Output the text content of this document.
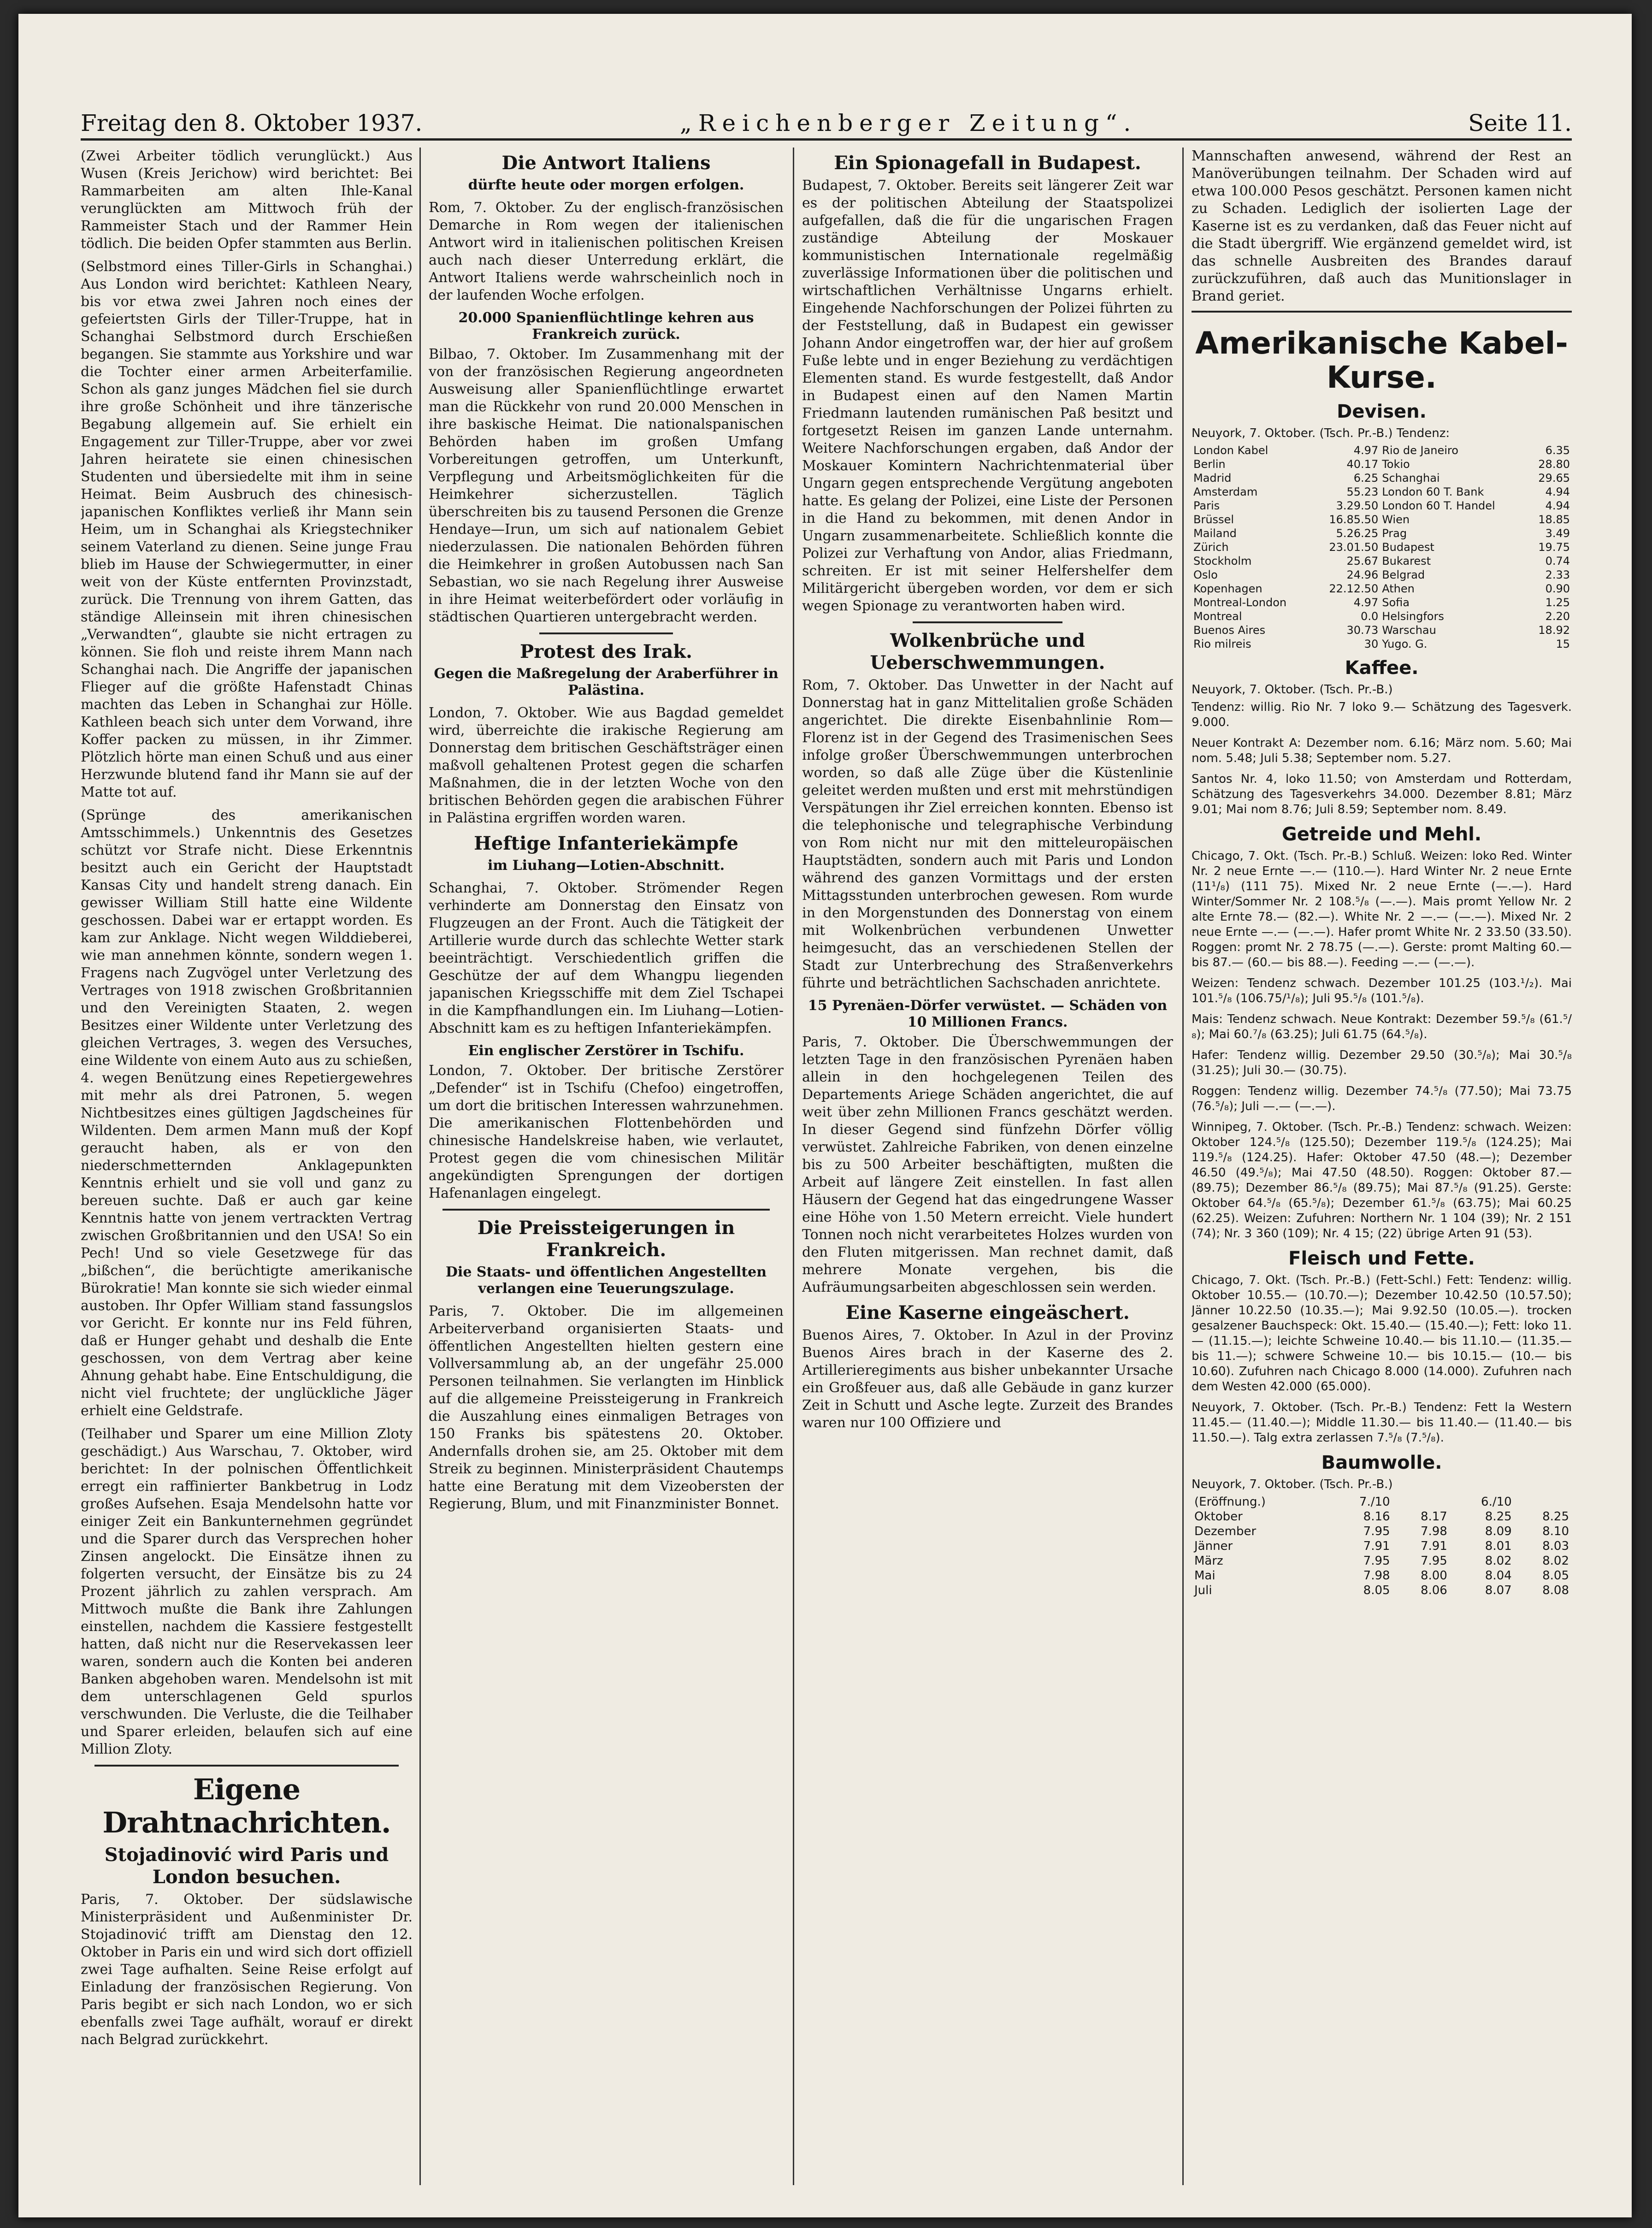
Freitag den 8. Oktober 1937.	„Reichenberger Zeitung“.	Seite 11.

(Zwei Arbeiter tödlich verunglückt.) Aus Wusen (Kreis Jerichow) wird berichtet: Bei Rammarbeiten am alten Ihle-Kanal verunglückten am Mittwoch früh der Rammeister Stach und der Rammer Hein tödlich. Die beiden Opfer stammten aus Berlin.

(Selbstmord eines Tiller-Girls in Schanghai.) Aus London wird berichtet: Kathleen Neary, bis vor etwa zwei Jahren noch eines der gefeiertsten Girls der Tiller-Truppe, hat in Schanghai Selbstmord durch Erschießen begangen. Sie stammte aus Yorkshire und war die Tochter einer armen Arbeiterfamilie. Schon als ganz junges Mädchen fiel sie durch ihre große Schönheit und ihre tänzerische Begabung allgemein auf. Sie erhielt ein Engagement zur Tiller-Truppe, aber vor zwei Jahren heiratete sie einen chinesischen Studenten und übersiedelte mit ihm in seine Heimat. Beim Ausbruch des chinesisch-japanischen Konfliktes verließ ihr Mann sein Heim, um in Schanghai als Kriegstechniker seinem Vaterland zu dienen. Seine junge Frau blieb im Hause der Schwiegermutter, in einer weit von der Küste entfernten Provinzstadt, zurück. Die Trennung von ihrem Gatten, das ständige Alleinsein mit ihren chinesischen „Verwandten“, glaubte sie nicht ertragen zu können. Sie floh und reiste ihrem Mann nach Schanghai nach. Die Angriffe der japanischen Flieger auf die größte Hafenstadt Chinas machten das Leben in Schanghai zur Hölle. Kathleen beach sich unter dem Vorwand, ihre Koffer packen zu müssen, in ihr Zimmer. Plötzlich hörte man einen Schuß und aus einer Herzwunde blutend fand ihr Mann sie auf der Matte tot auf.

(Sprünge des amerikanischen Amtsschimmels.) Unkenntnis des Gesetzes schützt vor Strafe nicht. Diese Erkenntnis besitzt auch ein Gericht der Hauptstadt Kansas City und handelt streng danach. Ein gewisser William Still hatte eine Wildente geschossen. Dabei war er ertappt worden. Es kam zur Anklage. Nicht wegen Wilddieberei, wie man annehmen könnte, sondern wegen 1. Fragens nach Zugvögel unter Verletzung des Vertrages von 1918 zwischen Großbritannien und den Vereinigten Staaten, 2. wegen Besitzes einer Wildente unter Verletzung des gleichen Vertrages, 3. wegen des Versuches, eine Wildente von einem Auto aus zu schießen, 4. wegen Benützung eines Repetiergewehres mit mehr als drei Patronen, 5. wegen Nichtbesitzes eines gültigen Jagdscheines für Wildenten. Dem armen Mann muß der Kopf geraucht haben, als er von den niederschmetternden Anklagepunkten Kenntnis erhielt und sie voll und ganz zu bereuen suchte. Daß er auch gar keine Kenntnis hatte von jenem vertrackten Vertrag zwischen Großbritannien und den USA! So ein Pech! Und so viele Gesetzwege für das „bißchen“, die berüchtigte amerikanische Bürokratie! Man konnte sie sich wieder einmal austoben. Ihr Opfer William stand fassungslos vor Gericht. Er konnte nur ins Feld führen, daß er Hunger gehabt und deshalb die Ente geschossen, von dem Vertrag aber keine Ahnung gehabt habe. Eine Entschuldigung, die nicht viel fruchtete; der unglückliche Jäger erhielt eine Geldstrafe.

(Teilhaber und Sparer um eine Million Zloty geschädigt.) Aus Warschau, 7. Oktober, wird berichtet: In der polnischen Öffentlichkeit erregt ein raffinierter Bankbetrug in Lodz großes Aufsehen. Esaja Mendelsohn hatte vor einiger Zeit ein Bankunternehmen gegründet und die Sparer durch das Versprechen hoher Zinsen angelockt. Die Einsätze ihnen zu folgerten versucht, der Einsätze bis zu 24 Prozent jährlich zu zahlen versprach. Am Mittwoch mußte die Bank ihre Zahlungen einstellen, nachdem die Kassiere festgestellt hatten, daß nicht nur die Reservekassen leer waren, sondern auch die Konten bei anderen Banken abgehoben waren. Mendelsohn ist mit dem unterschlagenen Geld spurlos verschwunden. Die Verluste, die die Teilhaber und Sparer erleiden, belaufen sich auf eine Million Zloty.

Eigene Drahtnachrichten.
Stojadinović wird Paris und London besuchen.

Paris, 7. Oktober. Der südslawische Ministerpräsident und Außenminister Dr. Stojadinović trifft am Dienstag den 12. Oktober in Paris ein und wird sich dort offiziell zwei Tage aufhalten. Seine Reise erfolgt auf Einladung der französischen Regierung. Von Paris begibt er sich nach London, wo er sich ebenfalls zwei Tage aufhält, worauf er direkt nach Belgrad zurückkehrt.

Die Antwort Italiens
dürfte heute oder morgen erfolgen.

Rom, 7. Oktober. Zu der englisch-französischen Demarche in Rom wegen der italienischen Antwort wird in italienischen politischen Kreisen auch nach dieser Unterredung erklärt, die Antwort Italiens werde wahrscheinlich noch in der laufenden Woche erfolgen.

20.000 Spanienflüchtlinge kehren aus Frankreich zurück.

Bilbao, 7. Oktober. Im Zusammenhang mit der von der französischen Regierung angeordneten Ausweisung aller Spanienflüchtlinge erwartet man die Rückkehr von rund 20.000 Menschen in ihre baskische Heimat. Die nationalspanischen Behörden haben im großen Umfang Vorbereitungen getroffen, um Unterkunft, Verpflegung und Arbeitsmöglichkeiten für die Heimkehrer sicherzustellen. Täglich überschreiten bis zu tausend Personen die Grenze Hendaye—Irun, um sich auf nationalem Gebiet niederzulassen. Die nationalen Behörden führen die Heimkehrer in großen Autobussen nach San Sebastian, wo sie nach Regelung ihrer Ausweise in ihre Heimat weiterbefördert oder vorläufig in städtischen Quartieren untergebracht werden.

Protest des Irak.
Gegen die Maßregelung der Araberführer in Palästina.

London, 7. Oktober. Wie aus Bagdad gemeldet wird, überreichte die irakische Regierung am Donnerstag dem britischen Geschäftsträger einen maßvoll gehaltenen Protest gegen die scharfen Maßnahmen, die in der letzten Woche von den britischen Behörden gegen die arabischen Führer in Palästina ergriffen worden waren.

Heftige Infanteriekämpfe
im Liuhang—Lotien-Abschnitt.

Schanghai, 7. Oktober. Strömender Regen verhinderte am Donnerstag den Einsatz von Flugzeugen an der Front. Auch die Tätigkeit der Artillerie wurde durch das schlechte Wetter stark beeinträchtigt. Verschiedentlich griffen die Geschütze der auf dem Whangpu liegenden japanischen Kriegsschiffe mit dem Ziel Tschapei in die Kampfhandlungen ein. Im Liuhang—Lotien-Abschnitt kam es zu heftigen Infanteriekämpfen.

Ein englischer Zerstörer in Tschifu.

London, 7. Oktober. Der britische Zerstörer „Defender“ ist in Tschifu (Chefoo) eingetroffen, um dort die britischen Interessen wahrzunehmen. Die amerikanischen Flottenbehörden und chinesische Handelskreise haben, wie verlautet, Protest gegen die vom chinesischen Militär angekündigten Sprengungen der dortigen Hafenanlagen eingelegt.

Die Preissteigerungen in Frankreich.
Die Staats- und öffentlichen Angestellten verlangen eine Teuerungszulage.

Paris, 7. Oktober. Die im allgemeinen Arbeiterverband organisierten Staats- und öffentlichen Angestellten hielten gestern eine Vollversammlung ab, an der ungefähr 25.000 Personen teilnahmen. Sie verlangten im Hinblick auf die allgemeine Preissteigerung in Frankreich die Auszahlung eines einmaligen Betrages von 150 Franks bis spätestens 20. Oktober. Andernfalls drohen sie, am 25. Oktober mit dem Streik zu beginnen. Ministerpräsident Chautemps hatte eine Beratung mit dem Vizeobersten der Regierung, Blum, und mit Finanzminister Bonnet.

Ein Spionagefall in Budapest.

Budapest, 7. Oktober. Bereits seit längerer Zeit war es der politischen Abteilung der Staatspolizei aufgefallen, daß die für die ungarischen Fragen zuständige Abteilung der Moskauer kommunistischen Internationale regelmäßig zuverlässige Informationen über die politischen und wirtschaftlichen Verhältnisse Ungarns erhielt. Eingehende Nachforschungen der Polizei führten zu der Feststellung, daß in Budapest ein gewisser Johann Andor eingetroffen war, der hier auf großem Fuße lebte und in enger Beziehung zu verdächtigen Elementen stand. Es wurde festgestellt, daß Andor in Budapest einen auf den Namen Martin Friedmann lautenden rumänischen Paß besitzt und fortgesetzt Reisen im ganzen Lande unternahm. Weitere Nachforschungen ergaben, daß Andor der Moskauer Komintern Nachrichtenmaterial über Ungarn gegen entsprechende Vergütung angeboten hatte. Es gelang der Polizei, eine Liste der Personen in die Hand zu bekommen, mit denen Andor in Ungarn zusammenarbeitete. Schließlich konnte die Polizei zur Verhaftung von Andor, alias Friedmann, schreiten. Er ist mit seiner Helfershelfer dem Militärgericht übergeben worden, vor dem er sich wegen Spionage zu verantworten haben wird.

Wolkenbrüche und Ueberschwemmungen.

Rom, 7. Oktober. Das Unwetter in der Nacht auf Donnerstag hat in ganz Mittelitalien große Schäden angerichtet. Die direkte Eisenbahnlinie Rom—Florenz ist in der Gegend des Trasimenischen Sees infolge großer Überschwemmungen unterbrochen worden, so daß alle Züge über die Küstenlinie geleitet werden mußten und erst mit mehrstündigen Verspätungen ihr Ziel erreichen konnten. Ebenso ist die telephonische und telegraphische Verbindung von Rom nicht nur mit den mitteleuropäischen Hauptstädten, sondern auch mit Paris und London während des ganzen Vormittags und der ersten Mittagsstunden unterbrochen gewesen. Rom wurde in den Morgenstunden des Donnerstag von einem mit Wolkenbrüchen verbundenen Unwetter heimgesucht, das an verschiedenen Stellen der Stadt zur Unterbrechung des Straßenverkehrs führte und beträchtlichen Sachschaden anrichtete.

15 Pyrenäen-Dörfer verwüstet. — Schäden von 10 Millionen Francs.

Paris, 7. Oktober. Die Überschwemmungen der letzten Tage in den französischen Pyrenäen haben allein in den hochgelegenen Teilen des Departements Ariege Schäden angerichtet, die auf weit über zehn Millionen Francs geschätzt werden. In dieser Gegend sind fünfzehn Dörfer völlig verwüstet. Zahlreiche Fabriken, von denen einzelne bis zu 500 Arbeiter beschäftigten, mußten die Arbeit auf längere Zeit einstellen. In fast allen Häusern der Gegend hat das eingedrungene Wasser eine Höhe von 1.50 Metern erreicht. Viele hundert Tonnen noch nicht verarbeitetes Holzes wurden von den Fluten mitgerissen. Man rechnet damit, daß mehrere Monate vergehen, bis die Aufräumungsarbeiten abgeschlossen sein werden.

Eine Kaserne eingeäschert.

Buenos Aires, 7. Oktober. In Azul in der Provinz Buenos Aires brach in der Kaserne des 2. Artillerieregiments aus bisher unbekannter Ursache ein Großfeuer aus, daß alle Gebäude in ganz kurzer Zeit in Schutt und Asche legte. Zurzeit des Brandes waren nur 100 Offiziere und

Mannschaften anwesend, während der Rest an Manöverübungen teilnahm. Der Schaden wird auf etwa 100.000 Pesos geschätzt. Personen kamen nicht zu Schaden. Lediglich der isolierten Lage der Kaserne ist es zu verdanken, daß das Feuer nicht auf die Stadt übergriff. Wie ergänzend gemeldet wird, ist das schnelle Ausbreiten des Brandes darauf zurückzuführen, daß auch das Munitionslager in Brand geriet.

Amerikanische Kabel-Kurse.
Devisen.
Neuyork, 7. Oktober. (Tsch. Pr.-B.) Tendenz:
London Kabel	4.97	Rio de Janeiro	6.35
Berlin	40.17	Tokio	28.80
Madrid	6.25	Schanghai	29.65
Amsterdam	55.23	London 60 T. Bank	4.94
Paris	3.29.50	London 60 T. Handel	4.94
Brüssel	16.85.50	Wien	18.85
Mailand	5.26.25	Prag	3.49
Zürich	23.01.50	Budapest	19.75
Stockholm	25.67	Bukarest	0.74
Oslo	24.96	Belgrad	2.33
Kopenhagen	22.12.50	Athen	0.90
Montreal-London	4.97	Sofia	1.25
Montreal	0.0	Helsingfors	2.20
Buenos Aires	30.73	Warschau	18.92
Rio milreis	30	Yugo. G.	15
Kaffee.
Neuyork, 7. Oktober. (Tsch. Pr.-B.)

Tendenz: willig. Rio Nr. 7 loko 9.— Schätzung des Tagesverk. 9.000.

Neuer Kontrakt A: Dezember nom. 6.16; März nom. 5.60; Mai nom. 5.48; Juli 5.38; September nom. 5.27.

Santos Nr. 4, loko 11.50; von Amsterdam und Rotterdam, Schätzung des Tagesverkehrs 34.000. Dezember 8.81; März 9.01; Mai nom 8.76; Juli 8.59; September nom. 8.49.

Getreide und Mehl.

Chicago, 7. Okt. (Tsch. Pr.-B.) Schluß. Weizen: loko Red. Winter Nr. 2 neue Ernte —.— (110.—). Hard Winter Nr. 2 neue Ernte (11¹/₈) (111 75). Mixed Nr. 2 neue Ernte (—.—). Hard Winter/Sommer Nr. 2 108.⁵/₈ (—.—). Mais promt Yellow Nr. 2 alte Ernte 78.— (82.—). White Nr. 2 —.— (—.—). Mixed Nr. 2 neue Ernte —.— (—.—). Hafer promt White Nr. 2 33.50 (33.50). Roggen: promt Nr. 2 78.75 (—.—). Gerste: promt Malting 60.— bis 87.— (60.— bis 88.—). Feeding —.— (—.—).

Weizen: Tendenz schwach. Dezember 101.25 (103.¹/₂). Mai 101.⁵/₈ (106.75/¹/₈); Juli 95.⁵/₈ (101.⁵/₈).

Mais: Tendenz schwach. Neue Kontrakt: Dezember 59.⁵/₈ (61.⁵/₈); Mai 60.⁷/₈ (63.25); Juli 61.75 (64.⁵/₈).

Hafer: Tendenz willig. Dezember 29.50 (30.⁵/₈); Mai 30.⁵/₈ (31.25); Juli 30.— (30.75).

Roggen: Tendenz willig. Dezember 74.⁵/₈ (77.50); Mai 73.75 (76.⁵/₈); Juli —.— (—.—).

Winnipeg, 7. Oktober. (Tsch. Pr.-B.) Tendenz: schwach. Weizen: Oktober 124.⁵/₈ (125.50); Dezember 119.⁵/₈ (124.25); Mai 119.⁵/₈ (124.25). Hafer: Oktober 47.50 (48.—); Dezember 46.50 (49.⁵/₈); Mai 47.50 (48.50). Roggen: Oktober 87.— (89.75); Dezember 86.⁵/₈ (89.75); Mai 87.⁵/₈ (91.25). Gerste: Oktober 64.⁵/₈ (65.⁵/₈); Dezember 61.⁵/₈ (63.75); Mai 60.25 (62.25). Weizen: Zufuhren: Northern Nr. 1 104 (39); Nr. 2 151 (74); Nr. 3 360 (109); Nr. 4 15; (22) übrige Arten 91 (53).

Fleisch und Fette.

Chicago, 7. Okt. (Tsch. Pr.-B.) (Fett-Schl.) Fett: Tendenz: willig. Oktober 10.55.— (10.70.—); Dezember 10.42.50 (10.57.50); Jänner 10.22.50 (10.35.—); Mai 9.92.50 (10.05.—). trocken gesalzener Bauchspeck: Okt. 15.40.— (15.40.—); Fett: loko 11.— (11.15.—); leichte Schweine 10.40.— bis 11.10.— (11.35.— bis 11.—); schwere Schweine 10.— bis 10.15.— (10.— bis 10.60). Zufuhren nach Chicago 8.000 (14.000). Zufuhren nach dem Westen 42.000 (65.000).

Neuyork, 7. Oktober. (Tsch. Pr.-B.) Tendenz: Fett la Western 11.45.— (11.40.—); Middle 11.30.— bis 11.40.— (11.40.— bis 11.50.—). Talg extra zerlassen 7.⁵/₈ (7.⁵/₈).

Baumwolle.
Neuyork, 7. Oktober. (Tsch. Pr.-B.)
(Eröffnung.)	7./10		6./10	
Oktober	8.16	8.17	8.25	8.25
Dezember	7.95	7.98	8.09	8.10
Jänner	7.91	7.91	8.01	8.03
März	7.95	7.95	8.02	8.02
Mai	7.98	8.00	8.04	8.05
Juli	8.05	8.06	8.07	8.08
